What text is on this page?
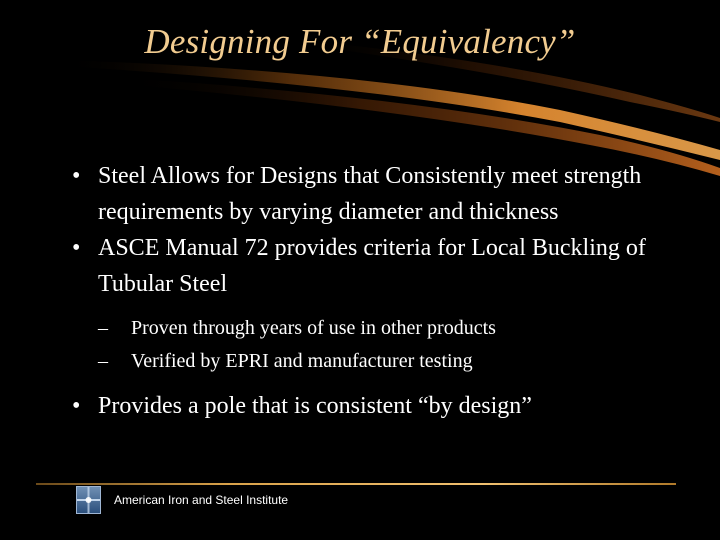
Designing For “Equivalency”
• Steel Allows for Designs that Consistently meet strength requirements by varying diameter and thickness
• ASCE Manual 72 provides criteria for Local Buckling of Tubular Steel
– Proven through years of use in other products
– Verified by EPRI and manufacturer testing
• Provides a pole that is consistent “by design”
American Iron and Steel Institute
